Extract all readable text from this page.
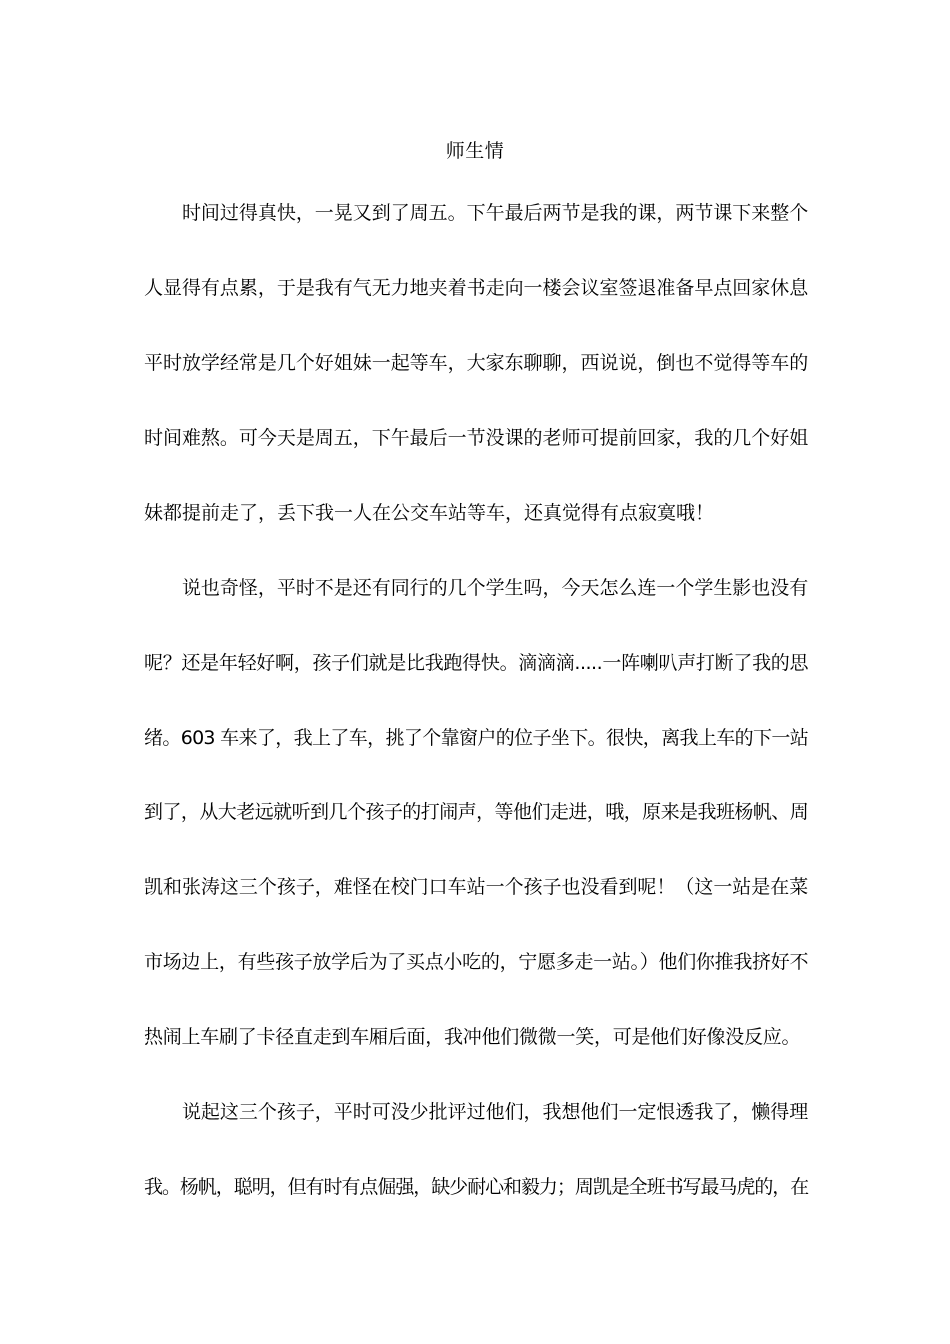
师生情
　　时间过得真快，一晃又到了周五。下午最后两节是我的课，两节课下来整个
人显得有点累，于是我有气无力地夹着书走向一楼会议室签退准备早点回家休息
平时放学经常是几个好姐妹一起等车，大家东聊聊，西说说，倒也不觉得等车的
时间难熬。可今天是周五，下午最后一节没课的老师可提前回家，我的几个好姐
妹都提前走了，丢下我一人在公交车站等车，还真觉得有点寂寞哦！
　　说也奇怪，平时不是还有同行的几个学生吗，今天怎么连一个学生影也没有
呢？还是年轻好啊，孩子们就是比我跑得快。滴滴滴.....一阵喇叭声打断了我的思
绪。603 车来了，我上了车，挑了个靠窗户的位子坐下。很快，离我上车的下一站
到了，从大老远就听到几个孩子的打闹声，等他们走进，哦，原来是我班杨帆、周
凯和张涛这三个孩子，难怪在校门口车站一个孩子也没看到呢！（这一站是在菜
市场边上，有些孩子放学后为了买点小吃的，宁愿多走一站。）他们你推我挤好不
热闹上车刷了卡径直走到车厢后面，我冲他们微微一笑，可是他们好像没反应。
　　说起这三个孩子，平时可没少批评过他们，我想他们一定恨透我了，懒得理
我。杨帆，聪明，但有时有点倔强，缺少耐心和毅力；周凯是全班书写最马虎的，在
